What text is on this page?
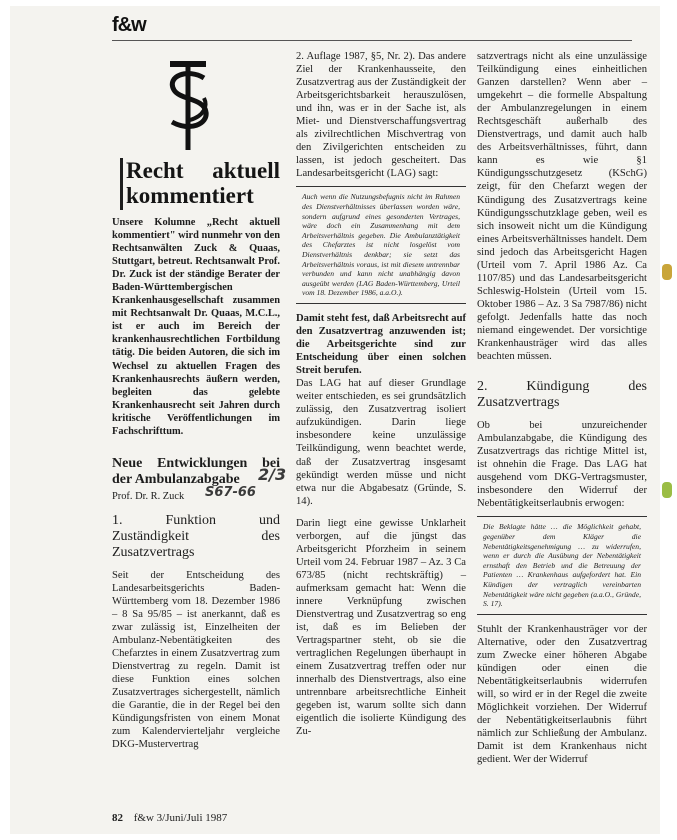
f&w
Recht aktuell kommentiert

Unsere Kolumne „Recht aktuell kommentiert" wird nunmehr von den Rechtsanwälten Zuck & Quaas, Stuttgart, betreut. Rechtsanwalt Prof. Dr. Zuck ist der ständige Berater der Baden-Württembergischen Krankenhausgesellschaft zusammen mit Rechtsanwalt Dr. Quaas, M.C.L., ist er auch im Bereich der krankenhausrechtlichen Fortbildung tätig. Die beiden Autoren, die sich im Wechsel zu aktuellen Fragen des Krankenhausrechts äußern werden, begleiten das gelebte Krankenhausrecht seit Jahren durch kritische Veröffentlichungen im Fachschrifttum.

Neue Entwicklungen bei der Ambulanzabgabe
Prof. Dr. R. Zuck
2/3
S67-66
1. Funktion und Zuständigkeit des Zusatzvertrags

Seit der Entscheidung des Landesarbeitsgerichts Baden-Württemberg vom 18. Dezember 1986 – 8 Sa 95/85 – ist anerkannt, daß es zwar zulässig ist, Einzelheiten der Ambulanz-Nebentätigkeiten des Chefarztes in einem Zusatzvertrag zum Dienstvertrag zu regeln. Damit ist diese Funktion eines solchen Zusatzvertrages sichergestellt, nämlich die Garantie, die in der Regel bei den Kündigungsfristen von einem Monat zum Kalendervierteljahr vergleiche DKG-Mustervertrag

2. Auflage 1987, §5, Nr. 2). Das andere Ziel der Krankenhausseite, den Zusatzvertrag aus der Zuständigkeit der Arbeitsgerichtsbarkeit herauszulösen, und ihn, was er in der Sache ist, als Miet- und Dienstverschaffungsvertrag als zivilrechtlichen Mischvertrag von den Zivilgerichten entscheiden zu lassen, ist jedoch gescheitert. Das Landesarbeitsgericht (LAG) sagt:

Auch wenn die Nutzungsbefugnis nicht im Rahmen des Dienstverhältnisses überlassen worden wäre, sondern aufgrund eines gesonderten Vertrages, wäre doch ein Zusammenhang mit dem Arbeitsverhältnis gegeben. Die Ambulanztätigkeit des Chefarztes ist nicht losgelöst vom Dienstverhältnis denkbar; sie setzt das Arbeitsverhältnis voraus, ist mit diesem untrennbar verbunden und kann nicht unabhängig davon ausgeübt werden (LAG Baden-Württemberg, Urteil vom 18. Dezember 1986, a.a.O.).

Damit steht fest, daß Arbeitsrecht auf den Zusatzvertrag anzuwenden ist; die Arbeitsgerichte sind zur Entscheidung über einen solchen Streit berufen.

Das LAG hat auf dieser Grundlage weiter entschieden, es sei grundsätzlich zulässig, den Zusatzvertrag isoliert aufzukündigen. Darin liege insbesondere keine unzulässige Teilkündigung, wenn beachtet werde, daß der Zusatzvertrag insgesamt gekündigt werden müsse und nicht etwa nur die Abgabesatz (Gründe, S. 14).

Darin liegt eine gewisse Unklarheit verborgen, auf die jüngst das Arbeitsgericht Pforzheim in seinem Urteil vom 24. Februar 1987 – Az. 3 Ca 673/85 (nicht rechtskräftig) – aufmerksam gemacht hat: Wenn die innere Verknüpfung zwischen Dienstvertrag und Zusatzvertrag so eng ist, daß es im Belieben der Vertragspartner steht, ob sie die vertraglichen Regelungen überhaupt in einem Zusatzvertrag treffen oder nur innerhalb des Dienstvertrags, also eine untrennbare arbeitsrechtliche Einheit gegeben ist, warum sollte sich dann eigentlich die isolierte Kündigung des Zu-

satzvertrags nicht als eine unzulässige Teilkündigung eines einheitlichen Ganzen darstellen? Wenn aber – umgekehrt – die formelle Abspaltung der Ambulanzregelungen in einem Rechtsgeschäft außerhalb des Dienstvertrags, und damit auch halb des Arbeitsverhältnisses, führt, dann kann es wie §1 Kündigungsschutzgesetz (KSchG) zeigt, für den Chefarzt wegen der Kündigung des Zusatzvertrags keine Kündigungsschutzklage geben, weil es sich insoweit nicht um die Kündigung eines Arbeitsverhältnisses handelt. Dem sind jedoch das Arbeitsgericht Hagen (Urteil vom 7. April 1986 Az. Ca 1107/85) und das Landesarbeitsgericht Schleswig-Holstein (Urteil vom 15. Oktober 1986 – Az. 3 Sa 7987/86) nicht gefolgt. Jedenfalls hatte das noch niemand eingewendet. Der vorsichtige Krankenhausträger wird das alles beachten müssen.

2. Kündigung des Zusatzvertrags

Ob bei unzureichender Ambulanzabgabe, die Kündigung des Zusatzvertrags das richtige Mittel ist, ist ohnehin die Frage. Das LAG hat ausgehend vom DKG-Vertragsmuster, insbesondere den Widerruf der Nebentätigkeitserlaubnis erwogen:

Die Beklagte hätte … die Möglichkeit gehabt, gegenüber dem Kläger die Nebentätigkeitsgenehmigung … zu widerrufen, wenn er durch die Ausübung der Nebentätigkeit ernsthaft den Betrieb und die Betreuung der Patienten … Krankenhaus aufgefordert hat. Ein Kündigen der vertraglich vereinbarten Nebentätigkeit wäre nicht gegeben (a.a.O., Gründe, S. 17).

Stuhlt der Krankenhausträger vor der Alternative, oder den Zusatzvertrag zum Zwecke einer höheren Abgabe kündigen oder einen die Nebentätigkeitserlaubnis widerrufen will, so wird er in der Regel die zweite Möglichkeit vorziehen. Der Widerruf der Nebentätigkeitserlaubnis führt nämlich zur Schließung der Ambulanz. Damit ist dem Krankenhaus nicht gedient. Wer der Widerruf

82 f&w 3/Juni/Juli 1987
